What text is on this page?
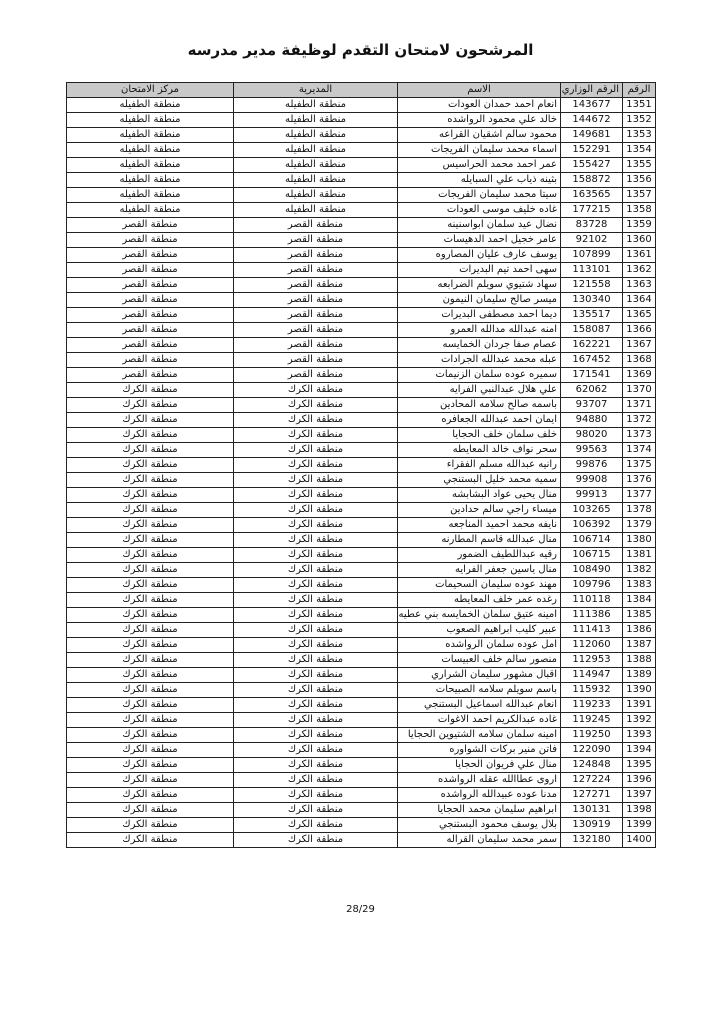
المرشحون لامتحان التقدم لوظيفة مدير مدرسه
الرقم	الرقم الوزاري	الاسم	المديرية	مركز الامتحان
1351	143677	انعام احمد حمدان العودات	منطقة الطفيله	منطقة الطفيله
1352	144672	خالد علي محمود الرواشده	منطقة الطفيله	منطقة الطفيله
1353	149681	محمود سالم اشقيان القراعه	منطقة الطفيله	منطقة الطفيله
1354	152291	اسماء محمد سليمان الفريجات	منطقة الطفيله	منطقة الطفيله
1355	155427	عمر احمد محمد الحراسيس	منطقة الطفيله	منطقة الطفيله
1356	158872	بثينه ذياب علي السبايله	منطقة الطفيله	منطقة الطفيله
1357	163565	سيتا محمد سليمان الفريجات	منطقة الطفيله	منطقة الطفيله
1358	177215	غاده خليف موسى العودات	منطقة الطفيله	منطقة الطفيله
1359	83728	نضال عيد سلمان ابواسنينه	منطقة القصر	منطقة القصر
1360	92102	عامر خجيل احمد الدهيسات	منطقة القصر	منطقة القصر
1361	107899	يوسف عارف عليان المصاروه	منطقة القصر	منطقة القصر
1362	113101	سهى احمد تيم البديرات	منطقة القصر	منطقة القصر
1363	121558	سهاد شتيوي سويلم الضرابعه	منطقة القصر	منطقة القصر
1364	130340	ميسر صالح سليمان النيمون	منطقة القصر	منطقة القصر
1365	135517	ديما احمد مصطفى البديرات	منطقة القصر	منطقة القصر
1366	158087	امنه عبدالله مدالله العمرو	منطقة القصر	منطقة القصر
1367	162221	عصام صفا جردان الخمايسه	منطقة القصر	منطقة القصر
1368	167452	عبله محمد عبدالله الجرادات	منطقة القصر	منطقة القصر
1369	171541	سميره عوده سلمان الزنيمات	منطقة القصر	منطقة القصر
1370	62062	علي هلال عبدالنبي الفرايه	منطقة الكرك	منطقة الكرك
1371	93707	باسمه صالح سلامه المحادين	منطقة الكرك	منطقة الكرك
1372	94880	ايمان احمد عبدالله الجعافره	منطقة الكرك	منطقة الكرك
1373	98020	خلف سلمان خلف الحجايا	منطقة الكرك	منطقة الكرك
1374	99563	سحر نواف خالد المعايطه	منطقة الكرك	منطقة الكرك
1375	99876	رانيه عبدالله مسلم الفقراء	منطقة الكرك	منطقة الكرك
1376	99908	سميه محمد خليل البستنجي	منطقة الكرك	منطقة الكرك
1377	99913	منال يحيى عواد البشابشه	منطقة الكرك	منطقة الكرك
1378	103265	ميساء راجي سالم حدادين	منطقة الكرك	منطقة الكرك
1379	106392	نايفه محمد احميد المناجعه	منطقة الكرك	منطقة الكرك
1380	106714	منال عبدالله قاسم المطارنه	منطقة الكرك	منطقة الكرك
1381	106715	رقيه عبداللطيف الضمور	منطقة الكرك	منطقة الكرك
1382	108490	منال ياسين جعفر الفرايه	منطقة الكرك	منطقة الكرك
1383	109796	مهند عوده سليمان السحيمات	منطقة الكرك	منطقة الكرك
1384	110118	رغده عمر خلف المعايطه	منطقة الكرك	منطقة الكرك
1385	111386	امينه عتيق سلمان الخمايسه بني عطيه	منطقة الكرك	منطقة الكرك
1386	111413	عبير كليب ابراهيم الصعوب	منطقة الكرك	منطقة الكرك
1387	112060	امل عوده سلمان الرواشده	منطقة الكرك	منطقة الكرك
1388	112953	منصور سالم خلف العبيسات	منطقة الكرك	منطقة الكرك
1389	114947	اقبال مشهور سليمان الشراري	منطقة الكرك	منطقة الكرك
1390	115932	باسم سويلم سلامه الصبيحات	منطقة الكرك	منطقة الكرك
1391	119233	انعام عبدالله اسماعيل البستنجي	منطقة الكرك	منطقة الكرك
1392	119245	غاده عبدالكريم احمد الاغوات	منطقة الكرك	منطقة الكرك
1393	119250	امينه سلمان سلامه الشتيوين الحجايا	منطقة الكرك	منطقة الكرك
1394	122090	فاتن منير بركات الشواوره	منطقة الكرك	منطقة الكرك
1395	124848	منال علي فريوان الحجايا	منطقة الكرك	منطقة الكرك
1396	127224	اروى عطاالله عقله الرواشده	منطقة الكرك	منطقة الكرك
1397	127271	مدنا عوده عبيدالله الرواشده	منطقة الكرك	منطقة الكرك
1398	130131	ابراهيم سليمان محمد الحجايا	منطقة الكرك	منطقة الكرك
1399	130919	بلال يوسف محمود البستنجي	منطقة الكرك	منطقة الكرك
1400	132180	سمر محمد سليمان القراله	منطقة الكرك	منطقة الكرك
28/29
